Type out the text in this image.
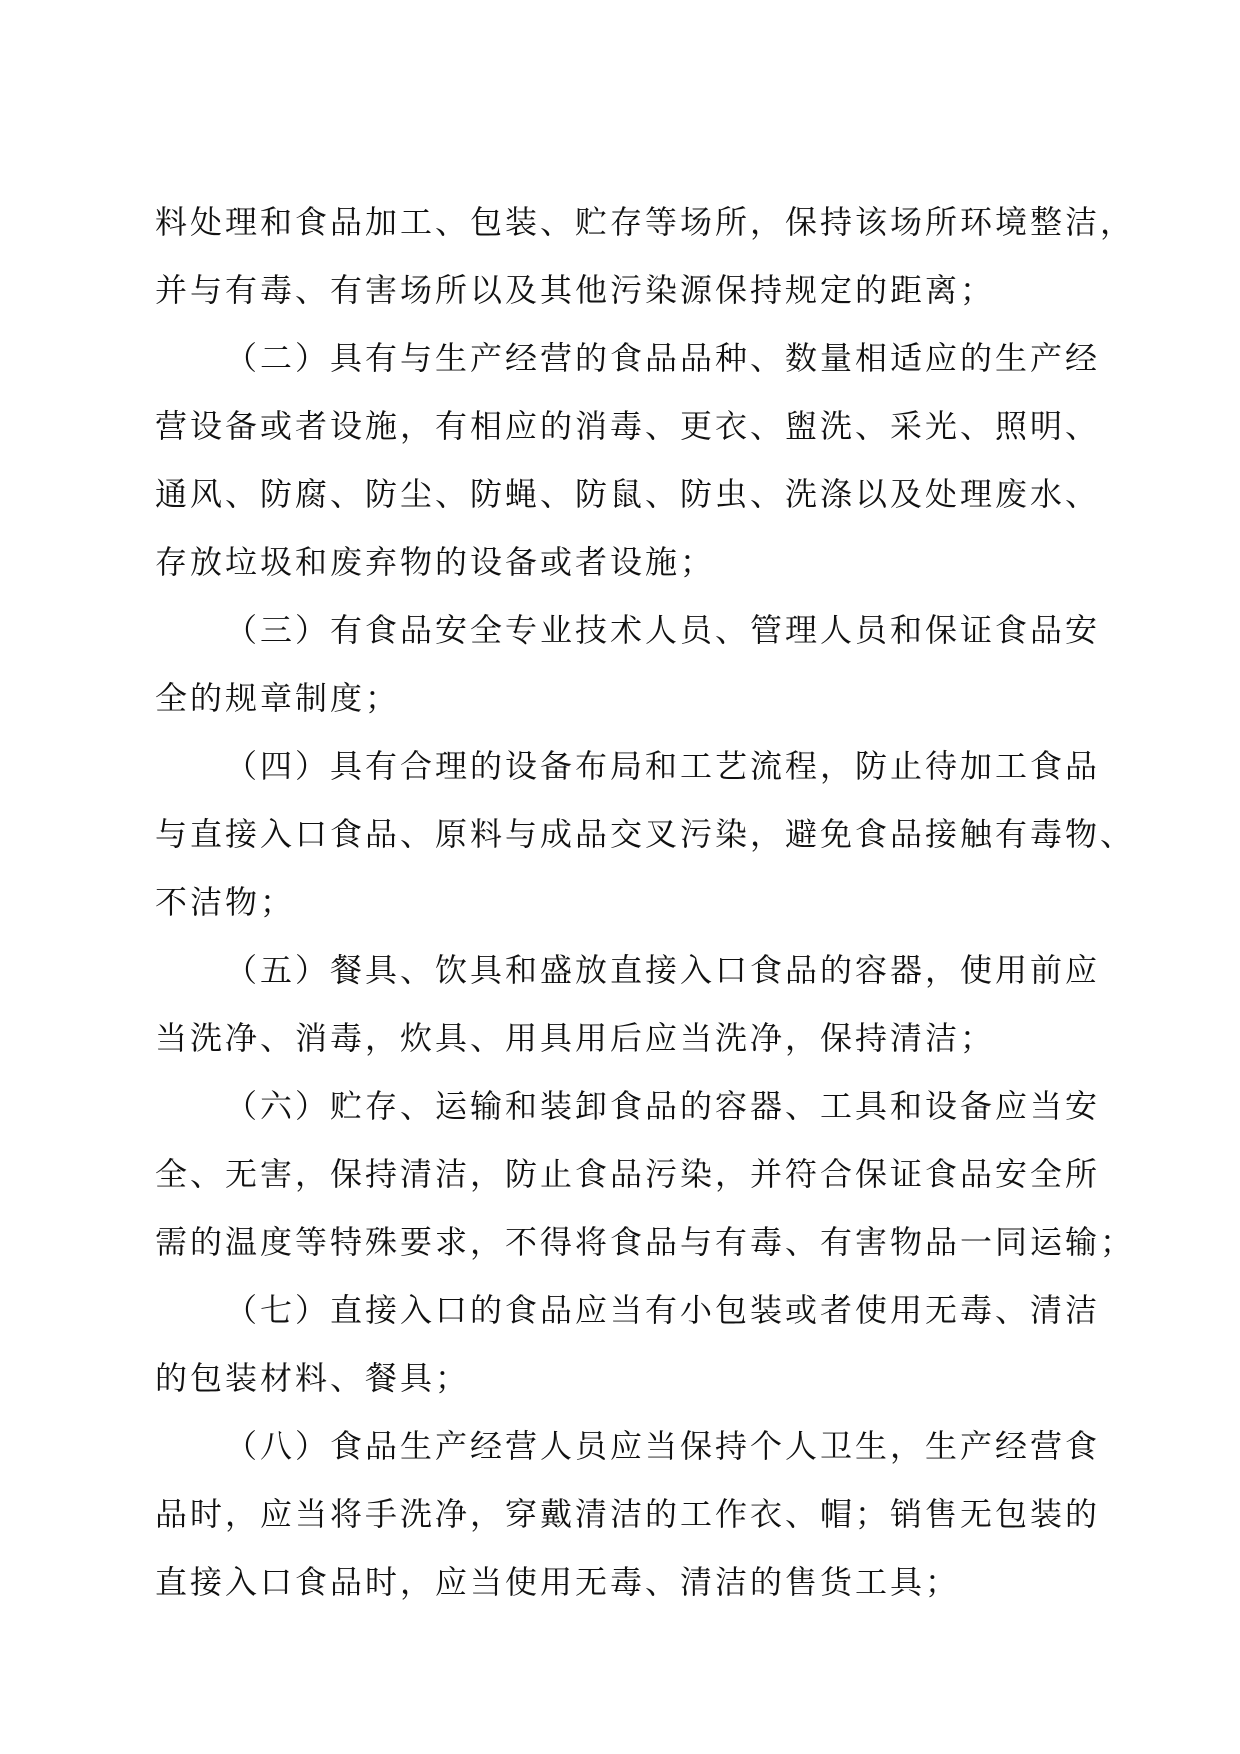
料处理和食品加工、包装、贮存等场所，保持该场所环境整洁，
并与有毒、有害场所以及其他污染源保持规定的距离；
（二）具有与生产经营的食品品种、数量相适应的生产经
营设备或者设施，有相应的消毒、更衣、盥洗、采光、照明、
通风、防腐、防尘、防蝇、防鼠、防虫、洗涤以及处理废水、
存放垃圾和废弃物的设备或者设施；
（三）有食品安全专业技术人员、管理人员和保证食品安
全的规章制度；
（四）具有合理的设备布局和工艺流程，防止待加工食品
与直接入口食品、原料与成品交叉污染，避免食品接触有毒物、
不洁物；
（五）餐具、饮具和盛放直接入口食品的容器，使用前应
当洗净、消毒，炊具、用具用后应当洗净，保持清洁；
（六）贮存、运输和装卸食品的容器、工具和设备应当安
全、无害，保持清洁，防止食品污染，并符合保证食品安全所
需的温度等特殊要求，不得将食品与有毒、有害物品一同运输；
（七）直接入口的食品应当有小包装或者使用无毒、清洁
的包装材料、餐具；
（八）食品生产经营人员应当保持个人卫生，生产经营食
品时，应当将手洗净，穿戴清洁的工作衣、帽；销售无包装的
直接入口食品时，应当使用无毒、清洁的售货工具；
